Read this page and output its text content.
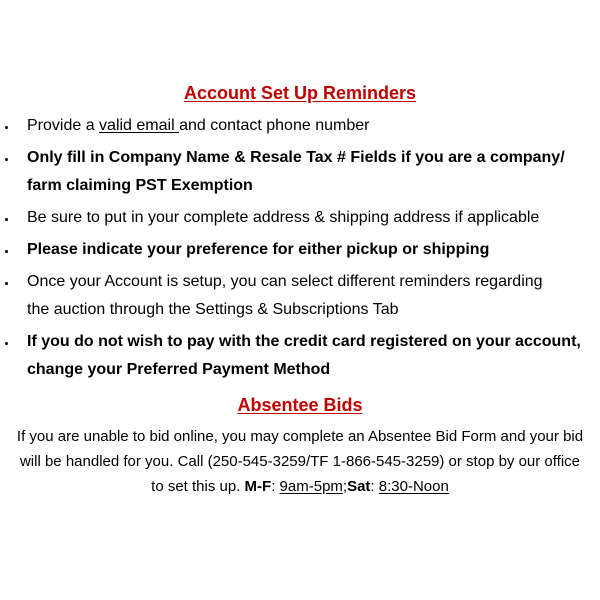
Account Set Up Reminders
Provide a valid email and contact phone number
Only fill in Company Name & Resale Tax # Fields if you are a company/
farm claiming PST Exemption
Be sure to put in your complete address & shipping address if applicable
Please indicate your preference for either pickup or shipping
Once your Account is setup, you can select different reminders regarding
the auction through the Settings & Subscriptions Tab
If you do not wish to pay with the credit card registered on your account,
change your Preferred Payment Method
Absentee Bids
If you are unable to bid online, you may complete an Absentee Bid Form and your bid
will be handled for you. Call (250-545-3259/TF 1-866-545-3259) or stop by our office
to set this up. M-F: 9am-5pm;Sat: 8:30-Noon
